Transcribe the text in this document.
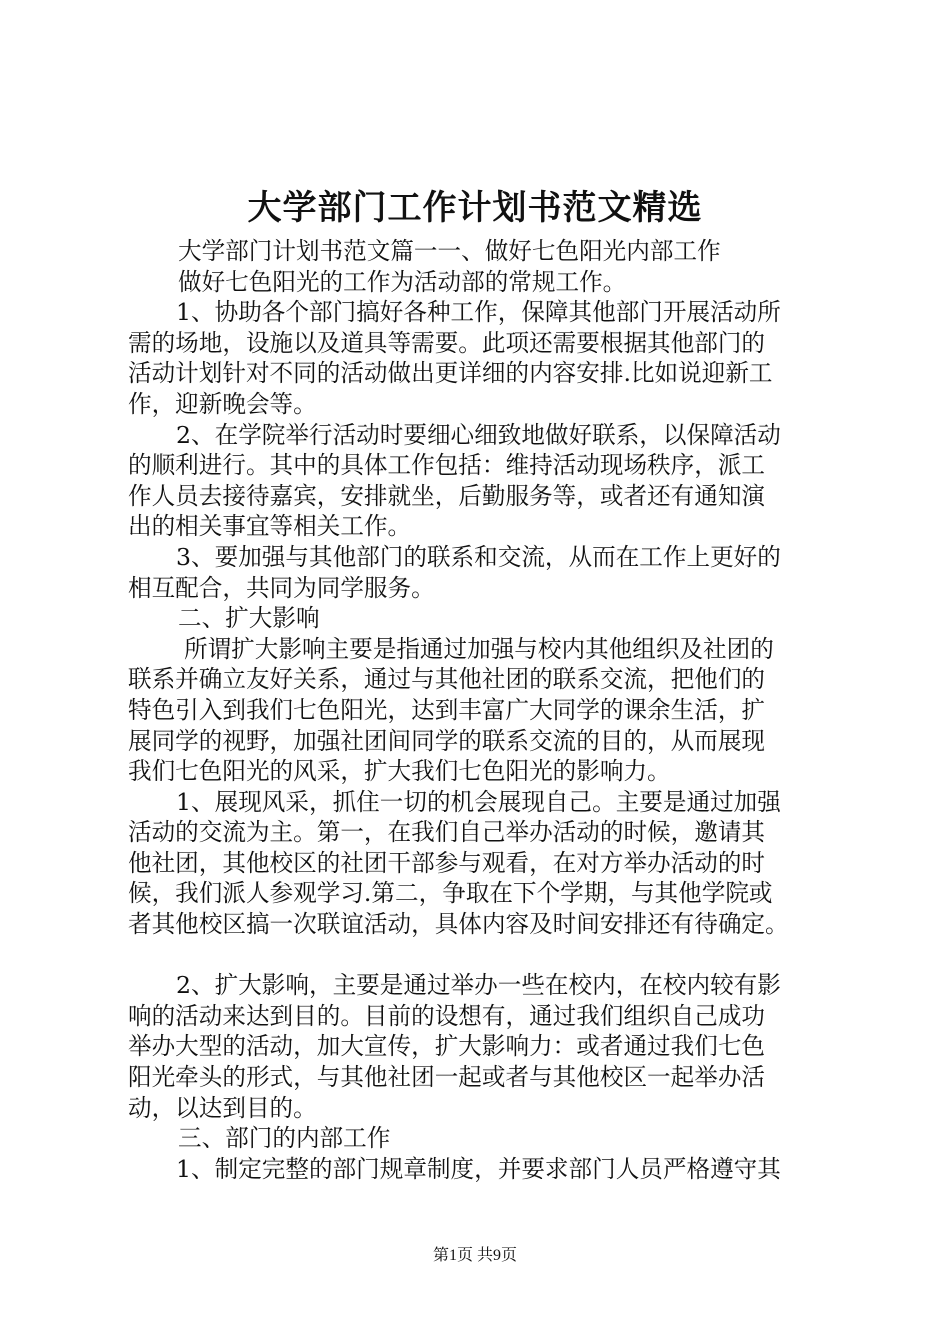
大学部门工作计划书范文精选
大学部门计划书范文篇一一、做好七色阳光内部工作
做好七色阳光的工作为活动部的常规工作。
1、协助各个部门搞好各种工作，保障其他部门开展活动所
需的场地，设施以及道具等需要。此项还需要根据其他部门的
活动计划针对不同的活动做出更详细的内容安排.比如说迎新工
作，迎新晚会等。
2、在学院举行活动时要细心细致地做好联系，以保障活动
的顺利进行。其中的具体工作包括：维持活动现场秩序，派工
作人员去接待嘉宾，安排就坐，后勤服务等，或者还有通知演
出的相关事宜等相关工作。
3、要加强与其他部门的联系和交流，从而在工作上更好的
相互配合，共同为同学服务。
二、扩大影响
所谓扩大影响主要是指通过加强与校内其他组织及社团的
联系并确立友好关系，通过与其他社团的联系交流，把他们的
特色引入到我们七色阳光，达到丰富广大同学的课余生活，扩
展同学的视野，加强社团间同学的联系交流的目的，从而展现
我们七色阳光的风采，扩大我们七色阳光的影响力。
1、展现风采，抓住一切的机会展现自己。主要是通过加强
活动的交流为主。第一，在我们自己举办活动的时候，邀请其
他社团，其他校区的社团干部参与观看，在对方举办活动的时
候，我们派人参观学习.第二，争取在下个学期，与其他学院或
者其他校区搞一次联谊活动，具体内容及时间安排还有待确定。
2、扩大影响，主要是通过举办一些在校内，在校内较有影
响的活动来达到目的。目前的设想有，通过我们组织自己成功
举办大型的活动，加大宣传，扩大影响力：或者通过我们七色
阳光牵头的形式，与其他社团一起或者与其他校区一起举办活
动，以达到目的。
三、部门的内部工作
1、制定完整的部门规章制度，并要求部门人员严格遵守其
第1页 共9页
